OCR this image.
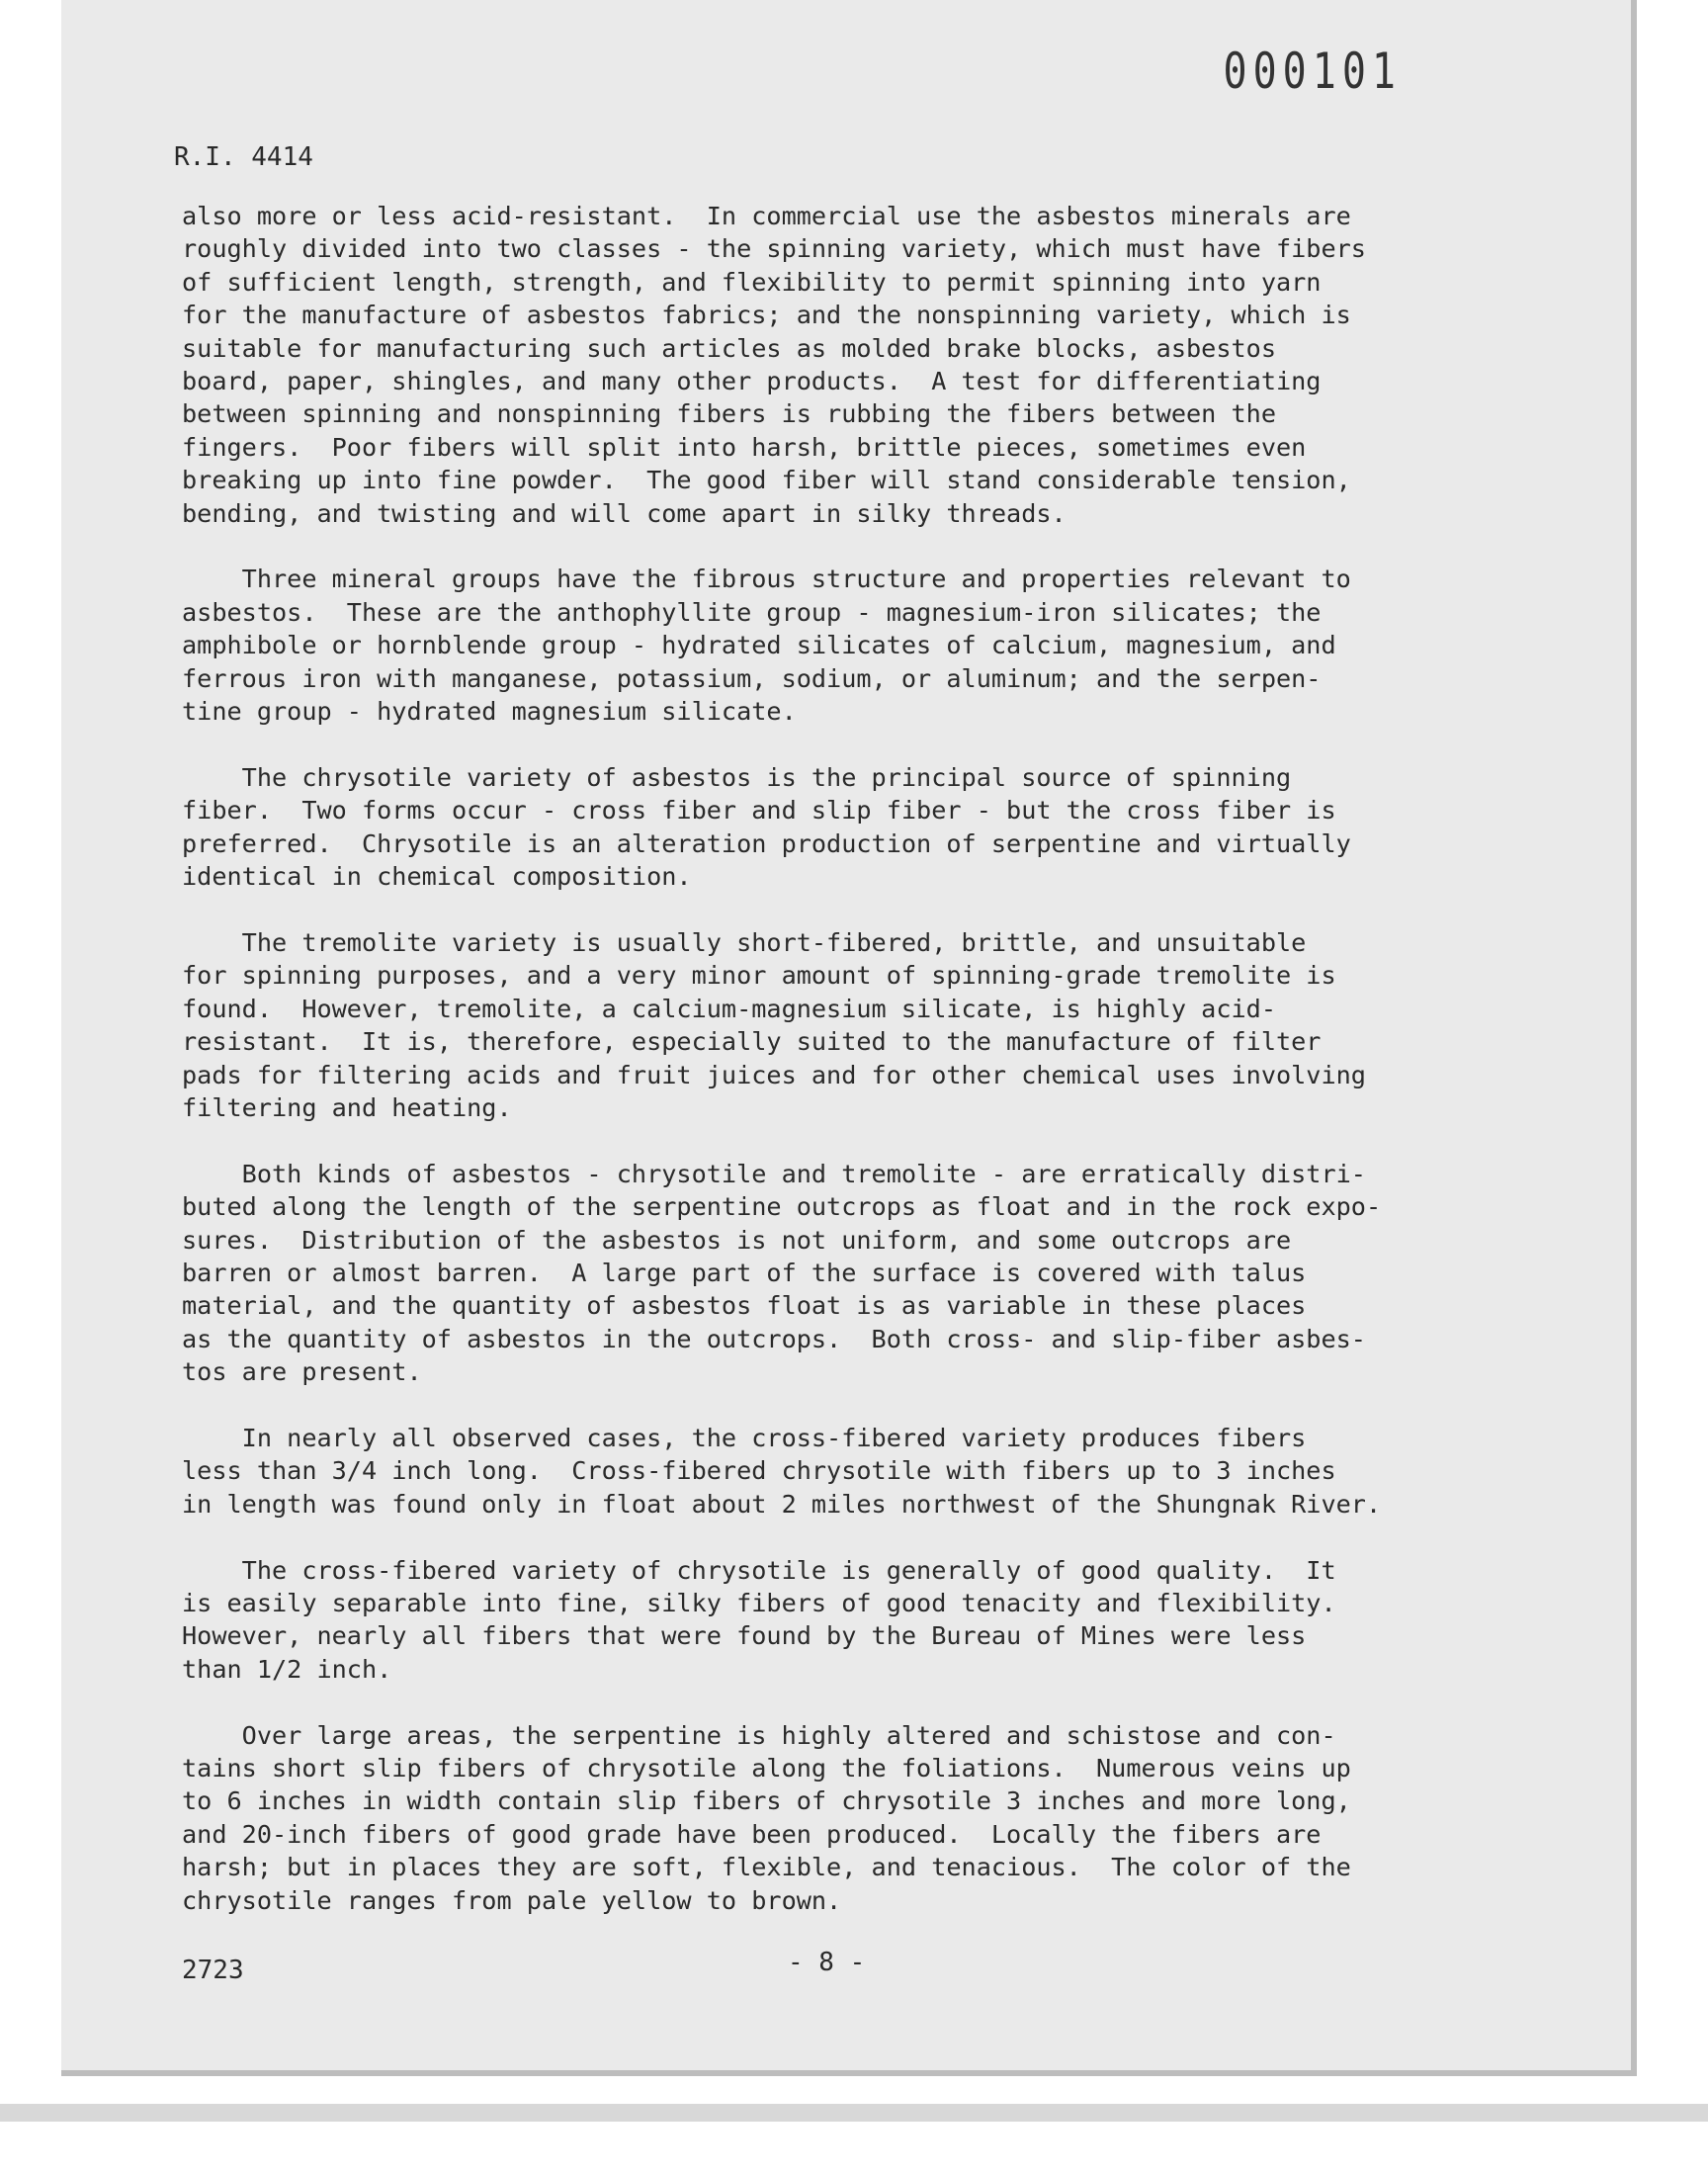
000101
R.I. 4414

also more or less acid-resistant.  In commercial use the asbestos minerals are
roughly divided into two classes - the spinning variety, which must have fibers
of sufficient length, strength, and flexibility to permit spinning into yarn
for the manufacture of asbestos fabrics; and the nonspinning variety, which is
suitable for manufacturing such articles as molded brake blocks, asbestos
board, paper, shingles, and many other products.  A test for differentiating
between spinning and nonspinning fibers is rubbing the fibers between the
fingers.  Poor fibers will split into harsh, brittle pieces, sometimes even
breaking up into fine powder.  The good fiber will stand considerable tension,
bending, and twisting and will come apart in silky threads.

Three mineral groups have the fibrous structure and properties relevant to
asbestos.  These are the anthophyllite group - magnesium-iron silicates; the
amphibole or hornblende group - hydrated silicates of calcium, magnesium, and
ferrous iron with manganese, potassium, sodium, or aluminum; and the serpen-
tine group - hydrated magnesium silicate.

The chrysotile variety of asbestos is the principal source of spinning
fiber.  Two forms occur - cross fiber and slip fiber - but the cross fiber is
preferred.  Chrysotile is an alteration production of serpentine and virtually
identical in chemical composition.

The tremolite variety is usually short-fibered, brittle, and unsuitable
for spinning purposes, and a very minor amount of spinning-grade tremolite is
found.  However, tremolite, a calcium-magnesium silicate, is highly acid-
resistant.  It is, therefore, especially suited to the manufacture of filter
pads for filtering acids and fruit juices and for other chemical uses involving
filtering and heating.

Both kinds of asbestos - chrysotile and tremolite - are erratically distri-
buted along the length of the serpentine outcrops as float and in the rock expo-
sures.  Distribution of the asbestos is not uniform, and some outcrops are
barren or almost barren.  A large part of the surface is covered with talus
material, and the quantity of asbestos float is as variable in these places
as the quantity of asbestos in the outcrops.  Both cross- and slip-fiber asbes-
tos are present.

In nearly all observed cases, the cross-fibered variety produces fibers
less than 3/4 inch long.  Cross-fibered chrysotile with fibers up to 3 inches
in length was found only in float about 2 miles northwest of the Shungnak River.

The cross-fibered variety of chrysotile is generally of good quality.  It
is easily separable into fine, silky fibers of good tenacity and flexibility.
However, nearly all fibers that were found by the Bureau of Mines were less
than 1/2 inch.

Over large areas, the serpentine is highly altered and schistose and con-
tains short slip fibers of chrysotile along the foliations.  Numerous veins up
to 6 inches in width contain slip fibers of chrysotile 3 inches and more long,
and 20-inch fibers of good grade have been produced.  Locally the fibers are
harsh; but in places they are soft, flexible, and tenacious.  The color of the
chrysotile ranges from pale yellow to brown.

2723	- 8 -
